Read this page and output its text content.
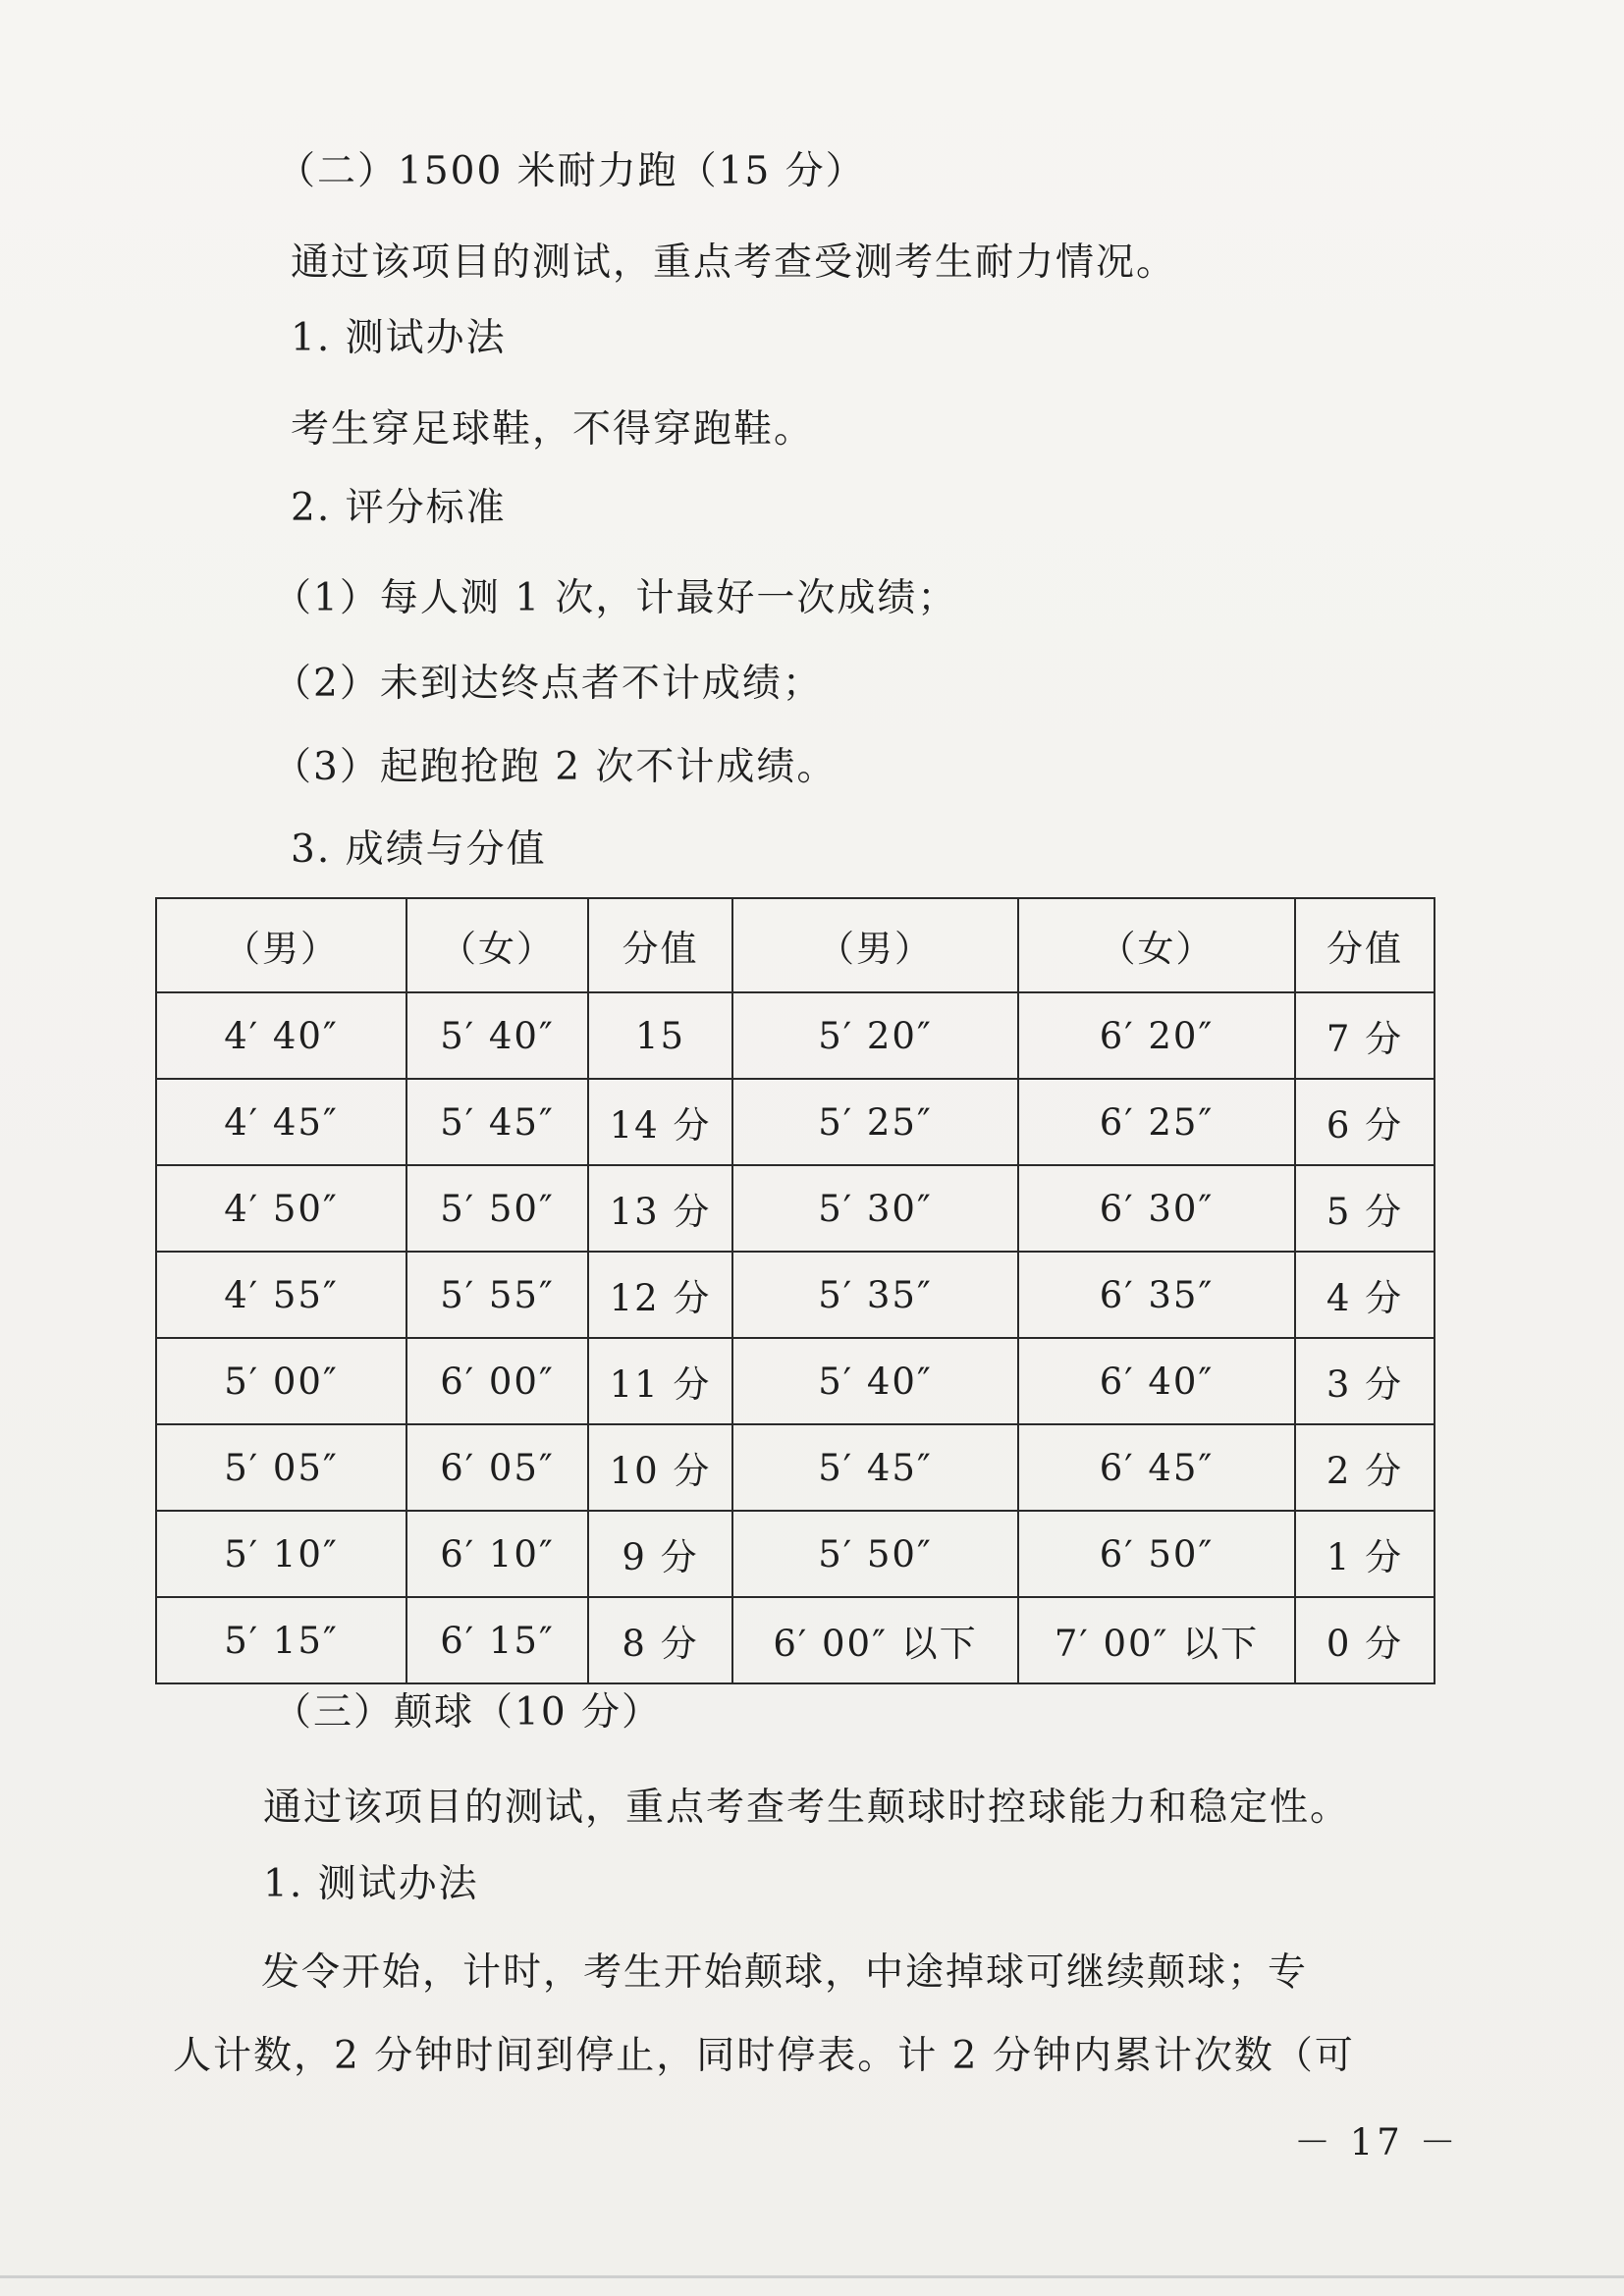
（二）1500 米耐力跑（15 分）
通过该项目的测试，重点考查受测考生耐力情况。
1. 测试办法
考生穿足球鞋，不得穿跑鞋。
2. 评分标准
（1）每人测 1 次，计最好一次成绩；
（2）未到达终点者不计成绩；
（3）起跑抢跑 2 次不计成绩。
3. 成绩与分值
（男）	（女）	分值	（男）	（女）	分值
4′ 40″	5′ 40″	15	5′ 20″	6′ 20″	7 分
4′ 45″	5′ 45″	14 分	5′ 25″	6′ 25″	6 分
4′ 50″	5′ 50″	13 分	5′ 30″	6′ 30″	5 分
4′ 55″	5′ 55″	12 分	5′ 35″	6′ 35″	4 分
5′ 00″	6′ 00″	11 分	5′ 40″	6′ 40″	3 分
5′ 05″	6′ 05″	10 分	5′ 45″	6′ 45″	2 分
5′ 10″	6′ 10″	9 分	5′ 50″	6′ 50″	1 分
5′ 15″	6′ 15″	8 分	6′ 00″ 以下	7′ 00″ 以下	0 分
（三）颠球（10 分）
通过该项目的测试，重点考查考生颠球时控球能力和稳定性。
1. 测试办法
发令开始，计时，考生开始颠球，中途掉球可继续颠球；专
人计数，2 分钟时间到停止，同时停表。计 2 分钟内累计次数（可
－ 17 －
